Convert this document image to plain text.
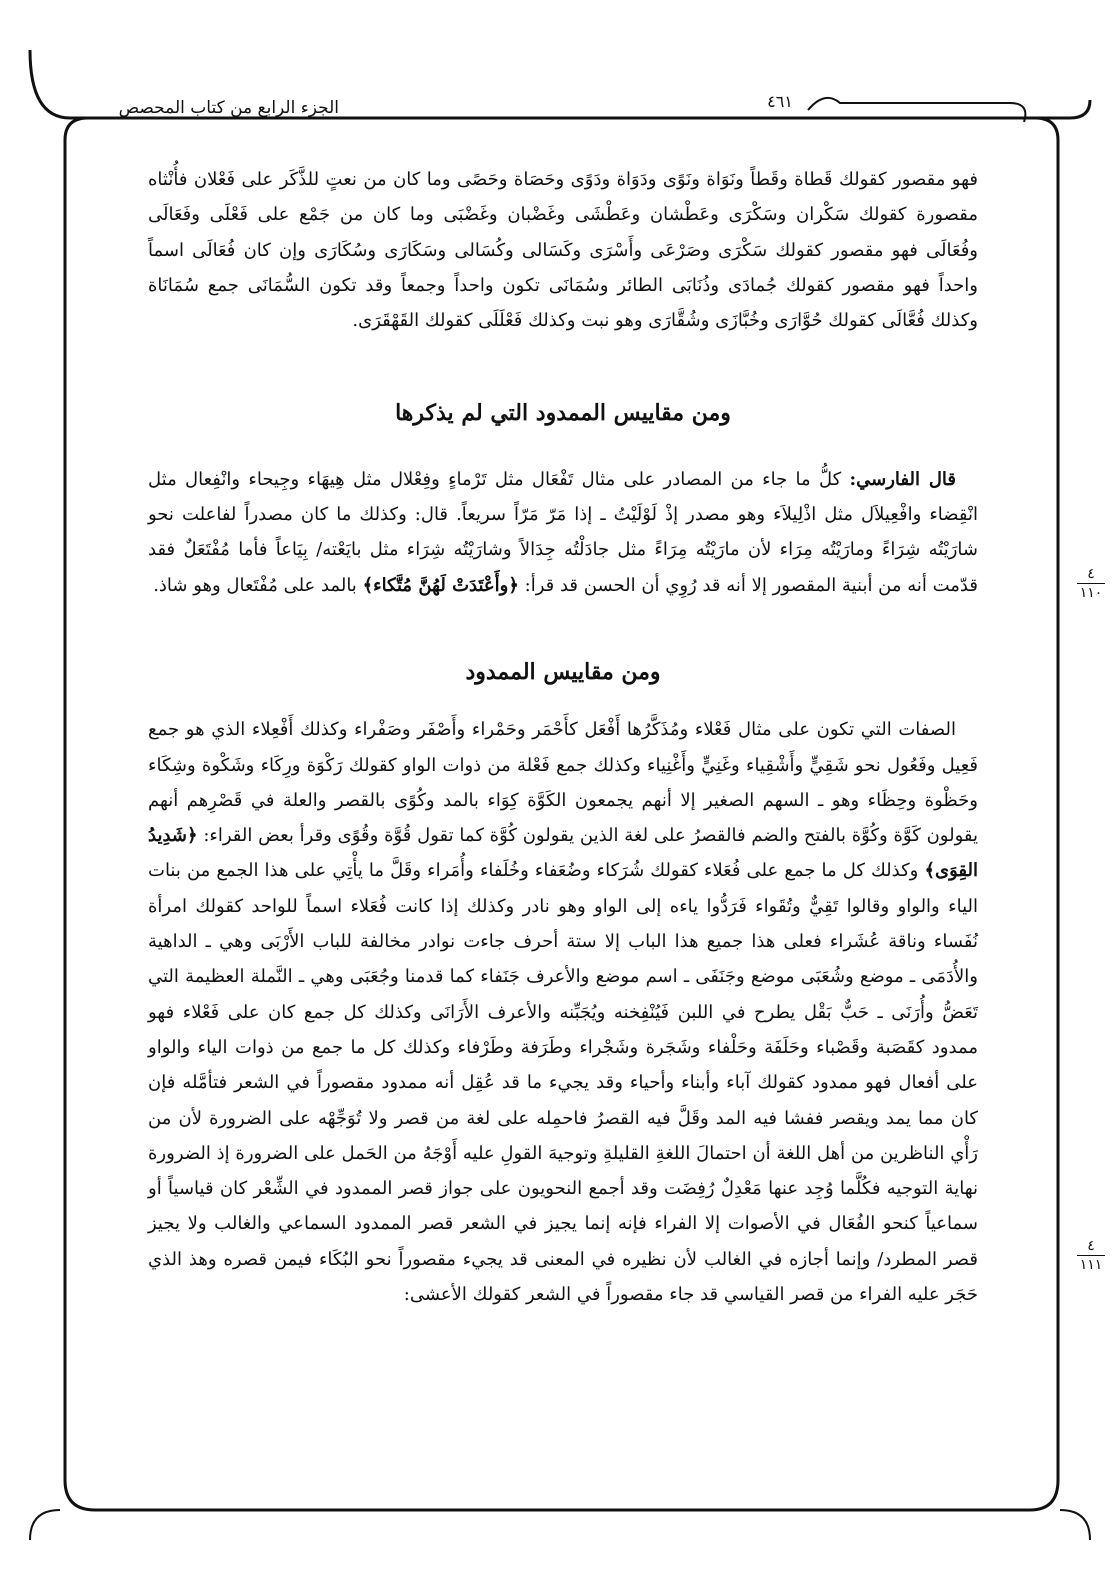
الجزء الرابع من كتاب المحصص	٤٦١

فهو مقصور كقولك قَطاة وقَطاً ونَوَاة ونَوًى ودَوَاة ودَوًى وحَصَاة وحَصًى وما كان من نعتٍ للذَّكَر على فَعْلان فأُنْثاه مقصورة كقولك سَكْران وسَكْرَى وعَطْشان وعَطْشَى وغَضْبان وغَضْبَى وما كان من جَمْع على فَعْلَى وفَعَالَى وفُعَالَى فهو مقصور كقولك سَكْرَى وصَرْعَى وأَسْرَى وكَسَالى وكُسَالى وسَكَارَى وسُكَارَى وإن كان فُعَالَى اسماً واحداً فهو مقصور كقولك جُمادَى وذُنَابَى الطائر وسُمَانَى تكون واحداً وجمعاً وقد تكون السُّمَانَى جمع سُمَانَاة وكذلك فُعَّالَى كقولك حُوَّارَى وخُبَّازَى وشُقَّارَى وهو نبت وكذلك فَعْلَلَى كقولك القَهْقَرَى.

ومن مقاييس الممدود التي لم يذكرها

قال الفارسي: كلُّ ما جاء من المصادر على مثال تَفْعَال مثل تَرْماءٍ وفِعْلال مثل هِيهَاء وجِيحاء وانْفِعال مثل انْقِضاء وافْعِيلاَل مثل اذْلِيلاَء وهو مصدر إذْ لَوْلَيْتُ ـ إذا مَرّ مَرّاً سريعاً. قال: وكذلك ما كان مصدراً لفاعلت نحو شارَيْتُه شِرَاءً ومارَيْتُه مِرَاء لأن مارَيْتُه مِرَاءً مثل جادَلْتُه جِدَالاً وشارَيْتُه شِرَاء مثل بايَعْته/ بِيَاعاً فأما مُفْتَعَلٌ فقد قدّمت أنه من أبنية المقصور إلا أنه قد رُوِي أن الحسن قد قرأ: ﴿وأَعْتَدَتْ لَهُنَّ مُتَّكاء﴾ بالمد على مُفْتَعال وهو شاذ.

ومن مقاييس الممدود

الصفات التي تكون على مثال فَعْلاء ومُذَكَّرُها أَفْعَل كأَحْمَر وحَمْراء وأَصْفَر وصَفْراء وكذلك أَفْعِلاء الذي هو جمع فَعِيل وفَعُول نحو شَقِيٍّ وأَشْقِياء وغَنِيٍّ وأَغْنِياء وكذلك جمع فَعْلة من ذوات الواو كقولك رَكْوَة ورِكَاء وشَكْوة وشِكَاء وحَظْوة وحِظَاء وهو ـ السهم الصغير إلا أنهم يجمعون الكَوَّة كِوَاء بالمد وكُوًى بالقصر والعلة في قَصْرِهم أنهم يقولون كَوَّة وكُوَّة بالفتح والضم فالقصرُ على لغة الذين يقولون كُوَّة كما تقول قُوَّة وقُوًى وقرأ بعض القراء: ﴿شَدِيدُ القِوَى﴾ وكذلك كل ما جمع على فُعَلاء كقولك شُرَكاء وضُعَفاء وخُلَفاء وأُمَراء وقَلَّ ما يأْتِي على هذا الجمع من بنات الياء والواو وقالوا تَقِيٌّ وتُقَواء فَرَدُّوا ياءه إلى الواو وهو نادر وكذلك إذا كانت فُعَلاء اسماً للواحد كقولك امرأة نُفَساء وناقة عُشَراء فعلى هذا جميع هذا الباب إلا ستة أحرف جاءت نوادر مخالفة للباب الأَرْبَى وهي ـ الداهية والأُدَمَى ـ موضع وشُعَبَى موضع وجَنَفَى ـ اسم موضع والأعرف جَنَفاء كما قدمنا وجُعَبَى وهي ـ النَّملة العظيمة التي تَعَضُّ وأُرَنَى ـ حَبٌّ بَقْل يطرح في اللبن فَيُنْفِخنه ويُجَبِّنه والأعرف الأَرَانَى وكذلك كل جمع كان على فَعْلاء فهو ممدود كقَصَبة وقَصْباء وحَلَفَة وحَلْفاء وشَجَرة وشَجْراء وطَرَفة وطَرْفاء وكذلك كل ما جمع من ذوات الياء والواو على أفعال فهو ممدود كقولك آباء وأبناء وأحياء وقد يجيء ما قد عُقِل أنه ممدود مقصوراً في الشعر فتأمَّله فإن كان مما يمد ويقصر ففشا فيه المد وقَلَّ فيه القصرُ فاحمِله على لغة من قصر ولا تُوَجِّهْه على الضرورة لأن من رَأْي الناظرين من أهل اللغة أن احتمالَ اللغةِ القليلةِ وتوجيهَ القولِ عليه أَوْجَهُ من الحَمل على الضرورة إذ الضرورة نهاية التوجيه فكُلَّما وُجِد عنها مَعْدِلٌ رُفِضَت وقد أجمع النحويون على جواز قصر الممدود في الشِّعْر كان قياسياً أو سماعياً كنحو الفُعَال في الأصوات إلا الفراء فإنه إنما يجيز في الشعر قصر الممدود السماعي والغالب ولا يجيز قصر المطرد/ وإنما أجازه في الغالب لأن نظيره في المعنى قد يجيء مقصوراً نحو البُكَاء فيمن قصره وهذ الذي حَجَر عليه الفراء من قصر القياسي قد جاء مقصوراً في الشعر كقولك الأعشى:

٤
١١٠
٤
١١١
